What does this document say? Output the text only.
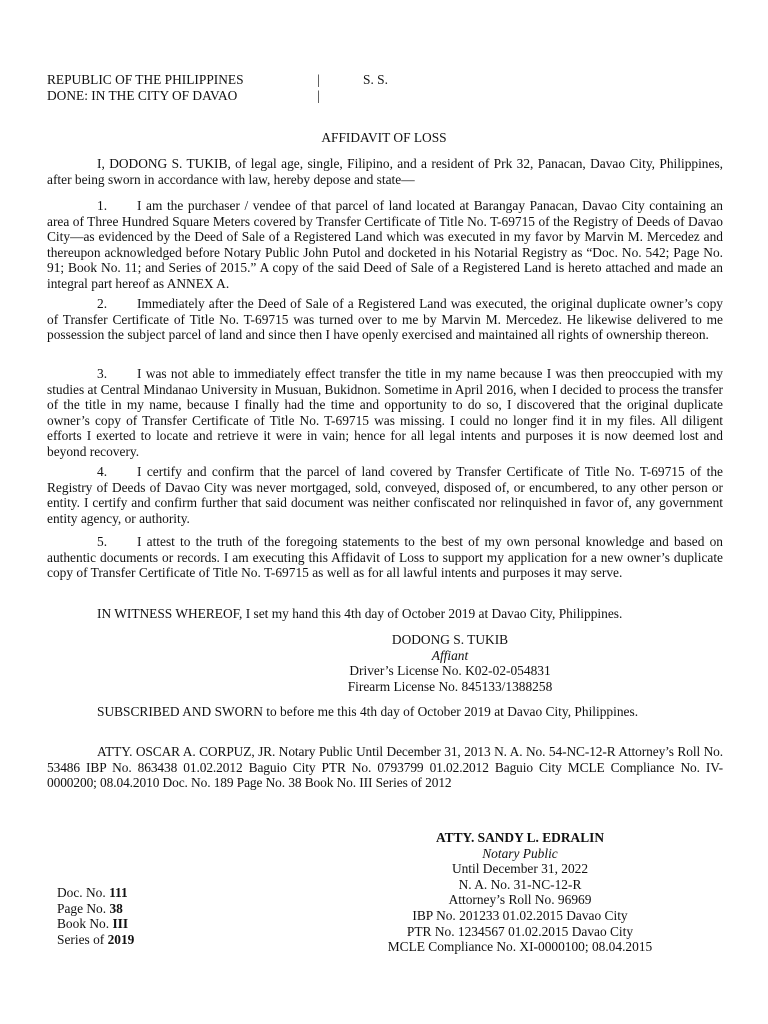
REPUBLIC OF THE PHILIPPINES	|	S. S.
DONE: IN THE CITY OF DAVAO	|
AFFIDAVIT OF LOSS

I, DODONG S. TUKIB, of legal age, single, Filipino, and a resident of Prk 32, Panacan, Davao City, Philippines, after being sworn in accordance with law, hereby depose and state—

1. I am the purchaser / vendee of that parcel of land located at Barangay Panacan, Davao City containing an area of Three Hundred Square Meters covered by Transfer Certificate of Title No. T-69715 of the Registry of Deeds of Davao City—as evidenced by the Deed of Sale of a Registered Land which was executed in my favor by Marvin M. Mercedez and thereupon acknowledged before Notary Public John Putol and docketed in his Notarial Registry as “Doc. No. 542; Page No. 91; Book No. 11; and Series of 2015.” A copy of the said Deed of Sale of a Registered Land is hereto attached and made an integral part hereof as ANNEX A.

2. Immediately after the Deed of Sale of a Registered Land was executed, the original duplicate owner’s copy of Transfer Certificate of Title No. T-69715 was turned over to me by Marvin M. Mercedez. He likewise delivered to me possession the subject parcel of land and since then I have openly exercised and maintained all rights of ownership thereon.

3. I was not able to immediately effect transfer the title in my name because I was then preoccupied with my studies at Central Mindanao University in Musuan, Bukidnon. Sometime in April 2016, when I decided to process the transfer of the title in my name, because I finally had the time and opportunity to do so, I discovered that the original duplicate owner’s copy of Transfer Certificate of Title No. T-69715 was missing. I could no longer find it in my files. All diligent efforts I exerted to locate and retrieve it were in vain; hence for all legal intents and purposes it is now deemed lost and beyond recovery.

4. I certify and confirm that the parcel of land covered by Transfer Certificate of Title No. T-69715 of the Registry of Deeds of Davao City was never mortgaged, sold, conveyed, disposed of, or encumbered, to any other person or entity. I certify and confirm further that said document was neither confiscated nor relinquished in favor of, any government entity agency, or authority.

5. I attest to the truth of the foregoing statements to the best of my own personal knowledge and based on authentic documents or records. I am executing this Affidavit of Loss to support my application for a new owner’s duplicate copy of Transfer Certificate of Title No. T-69715 as well as for all lawful intents and purposes it may serve.

IN WITNESS WHEREOF, I set my hand this 4th day of October 2019 at Davao City, Philippines.

DODONG S. TUKIB
Affiant
Driver’s License No. K02-02-054831
Firearm License No. 845133/1388258

SUBSCRIBED AND SWORN to before me this 4th day of October 2019 at Davao City, Philippines.

ATTY. OSCAR A. CORPUZ, JR. Notary Public Until December 31, 2013 N. A. No. 54-NC-12-R Attorney’s Roll No. 53486 IBP No. 863438 01.02.2012 Baguio City PTR No. 0793799 01.02.2012 Baguio City MCLE Compliance No. IV-0000200; 08.04.2010 Doc. No. 189 Page No. 38 Book No. III Series of 2012

ATTY. SANDY L. EDRALIN
Notary Public
Until December 31, 2022
N. A. No. 31-NC-12-R
Attorney’s Roll No. 96969
IBP No. 201233 01.02.2015 Davao City
PTR No. 1234567 01.02.2015 Davao City
MCLE Compliance No. XI-0000100; 08.04.2015
Doc. No. 111
Page No. 38
Book No. III
Series of 2019
